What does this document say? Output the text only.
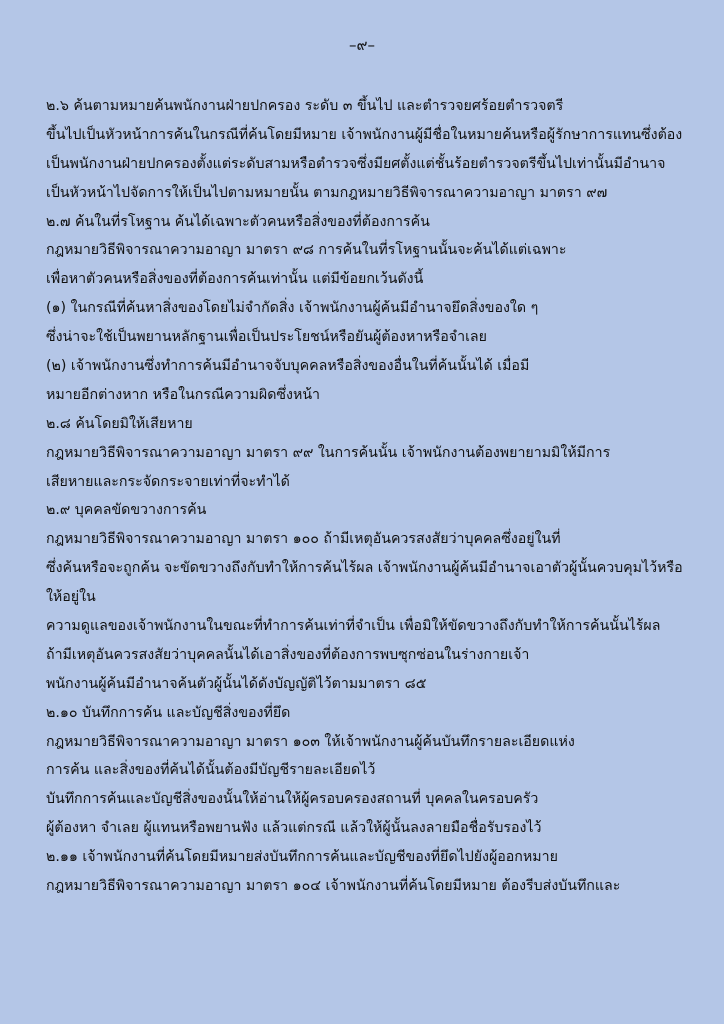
–๙–
๒.๖ ค้นตามหมายค้นพนักงานฝ่ายปกครอง ระดับ ๓ ขึ้นไป และตำรวจยศร้อยตำรวจตรี
ขึ้นไปเป็นหัวหน้าการค้นในกรณีที่ค้นโดยมีหมาย เจ้าพนักงานผู้มีชื่อในหมายค้นหรือผู้รักษาการแทนซึ่งต้อง
เป็นพนักงานฝ่ายปกครองตั้งแต่ระดับสามหรือตำรวจซึ่งมียศตั้งแต่ชั้นร้อยตำรวจตรีขึ้นไปเท่านั้นมีอำนาจ
เป็นหัวหน้าไปจัดการให้เป็นไปตามหมายนั้น ตามกฎหมายวิธีพิจารณาความอาญา มาตรา ๙๗
๒.๗ ค้นในที่รโหฐาน ค้นได้เฉพาะตัวคนหรือสิ่งของที่ต้องการค้น
กฎหมายวิธีพิจารณาความอาญา มาตรา ๙๘ การค้นในที่รโหฐานนั้นจะค้นได้แต่เฉพาะ
เพื่อหาตัวคนหรือสิ่งของที่ต้องการค้นเท่านั้น แต่มีข้อยกเว้นดังนี้
(๑) ในกรณีที่ค้นหาสิ่งของโดยไม่จำกัดสิ่ง เจ้าพนักงานผู้ค้นมีอำนาจยึดสิ่งของใด ๆ
ซึ่งน่าจะใช้เป็นพยานหลักฐานเพื่อเป็นประโยชน์หรือยันผู้ต้องหาหรือจำเลย
(๒) เจ้าพนักงานซึ่งทำการค้นมีอำนาจจับบุคคลหรือสิ่งของอื่นในที่ค้นนั้นได้ เมื่อมี
หมายอีกต่างหาก หรือในกรณีความผิดซึ่งหน้า
๒.๘ ค้นโดยมิให้เสียหาย
กฎหมายวิธีพิจารณาความอาญา มาตรา ๙๙ ในการค้นนั้น เจ้าพนักงานต้องพยายามมิให้มีการ
เสียหายและกระจัดกระจายเท่าที่จะทำได้
๒.๙ บุคคลขัดขวางการค้น
กฎหมายวิธีพิจารณาความอาญา มาตรา ๑๐๐ ถ้ามีเหตุอันควรสงสัยว่าบุคคลซึ่งอยู่ในที่
ซึ่งค้นหรือจะถูกค้น จะขัดขวางถึงกับทำให้การค้นไร้ผล เจ้าพนักงานผู้ค้นมีอำนาจเอาตัวผู้นั้นควบคุมไว้หรือ
ให้อยู่ใน
ความดูแลของเจ้าพนักงานในขณะที่ทำการค้นเท่าที่จำเป็น เพื่อมิให้ขัดขวางถึงกับทำให้การค้นนั้นไร้ผล
ถ้ามีเหตุอันควรสงสัยว่าบุคคลนั้นได้เอาสิ่งของที่ต้องการพบซุกซ่อนในร่างกายเจ้า
พนักงานผู้ค้นมีอำนาจค้นตัวผู้นั้นได้ดังบัญญัติไว้ตามมาตรา ๘๕
๒.๑๐ บันทึกการค้น และบัญชีสิ่งของที่ยึด
กฎหมายวิธีพิจารณาความอาญา มาตรา ๑๐๓ ให้เจ้าพนักงานผู้ค้นบันทึกรายละเอียดแห่ง
การค้น และสิ่งของที่ค้นได้นั้นต้องมีบัญชีรายละเอียดไว้
บันทึกการค้นและบัญชีสิ่งของนั้นให้อ่านให้ผู้ครอบครองสถานที่ บุคคลในครอบครัว
ผู้ต้องหา จำเลย ผู้แทนหรือพยานฟัง แล้วแต่กรณี แล้วให้ผู้นั้นลงลายมือชื่อรับรองไว้
๒.๑๑ เจ้าพนักงานที่ค้นโดยมีหมายส่งบันทึกการค้นและบัญชีของที่ยึดไปยังผู้ออกหมาย
กฎหมายวิธีพิจารณาความอาญา มาตรา ๑๐๔ เจ้าพนักงานที่ค้นโดยมีหมาย ต้องรีบส่งบันทึกและ
